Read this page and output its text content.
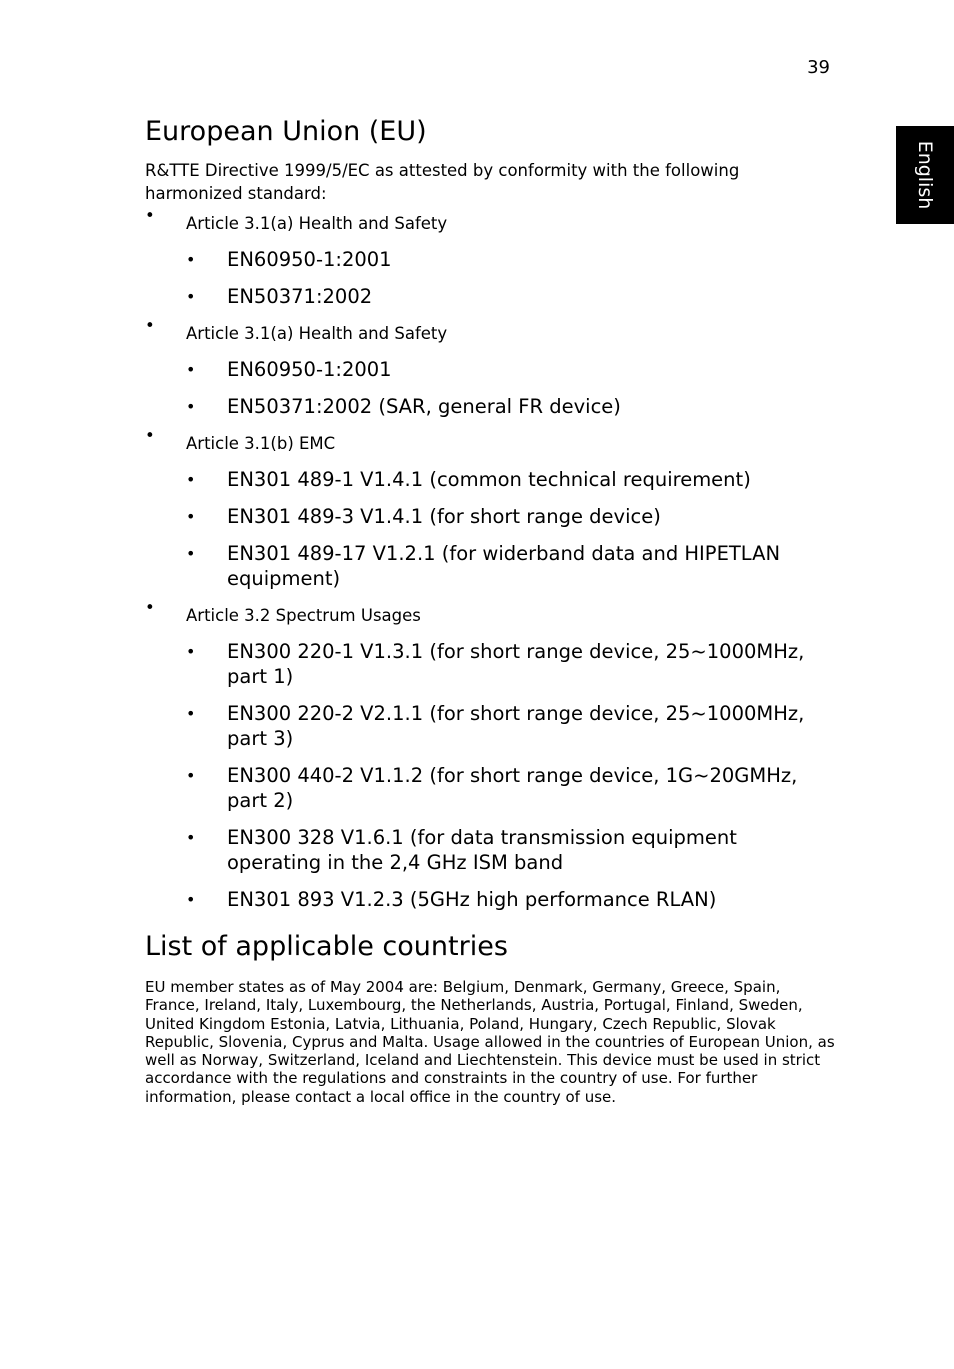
39
English
European Union (EU)

R&TTE Directive 1999/5/EC as attested by conformity with the following harmonized standard:

• Article 3.1(a) Health and Safety
• EN60950-1:2001
• EN50371:2002
• Article 3.1(a) Health and Safety
• EN60950-1:2001
• EN50371:2002 (SAR, general FR device)
• Article 3.1(b) EMC
• EN301 489-1 V1.4.1 (common technical requirement)
• EN301 489-3 V1.4.1 (for short range device)
• EN301 489-17 V1.2.1 (for widerband data and HIPETLAN equipment)
• Article 3.2 Spectrum Usages
• EN300 220-1 V1.3.1 (for short range device, 25~1000MHz, part 1)
• EN300 220-2 V2.1.1 (for short range device, 25~1000MHz, part 3)
• EN300 440-2 V1.1.2 (for short range device, 1G~20GMHz, part 2)
• EN300 328 V1.6.1 (for data transmission equipment operating in the 2,4 GHz ISM band
• EN301 893 V1.2.3 (5GHz high performance RLAN)
List of applicable countries

EU member states as of May 2004 are: Belgium, Denmark, Germany, Greece, Spain, France, Ireland, Italy, Luxembourg, the Netherlands, Austria, Portugal, Finland, Sweden, United Kingdom Estonia, Latvia, Lithuania, Poland, Hungary, Czech Republic, Slovak Republic, Slovenia, Cyprus and Malta. Usage allowed in the countries of European Union, as well as Norway, Switzerland, Iceland and Liechtenstein. This device must be used in strict accordance with the regulations and constraints in the country of use. For further information, please contact a local office in the country of use.
